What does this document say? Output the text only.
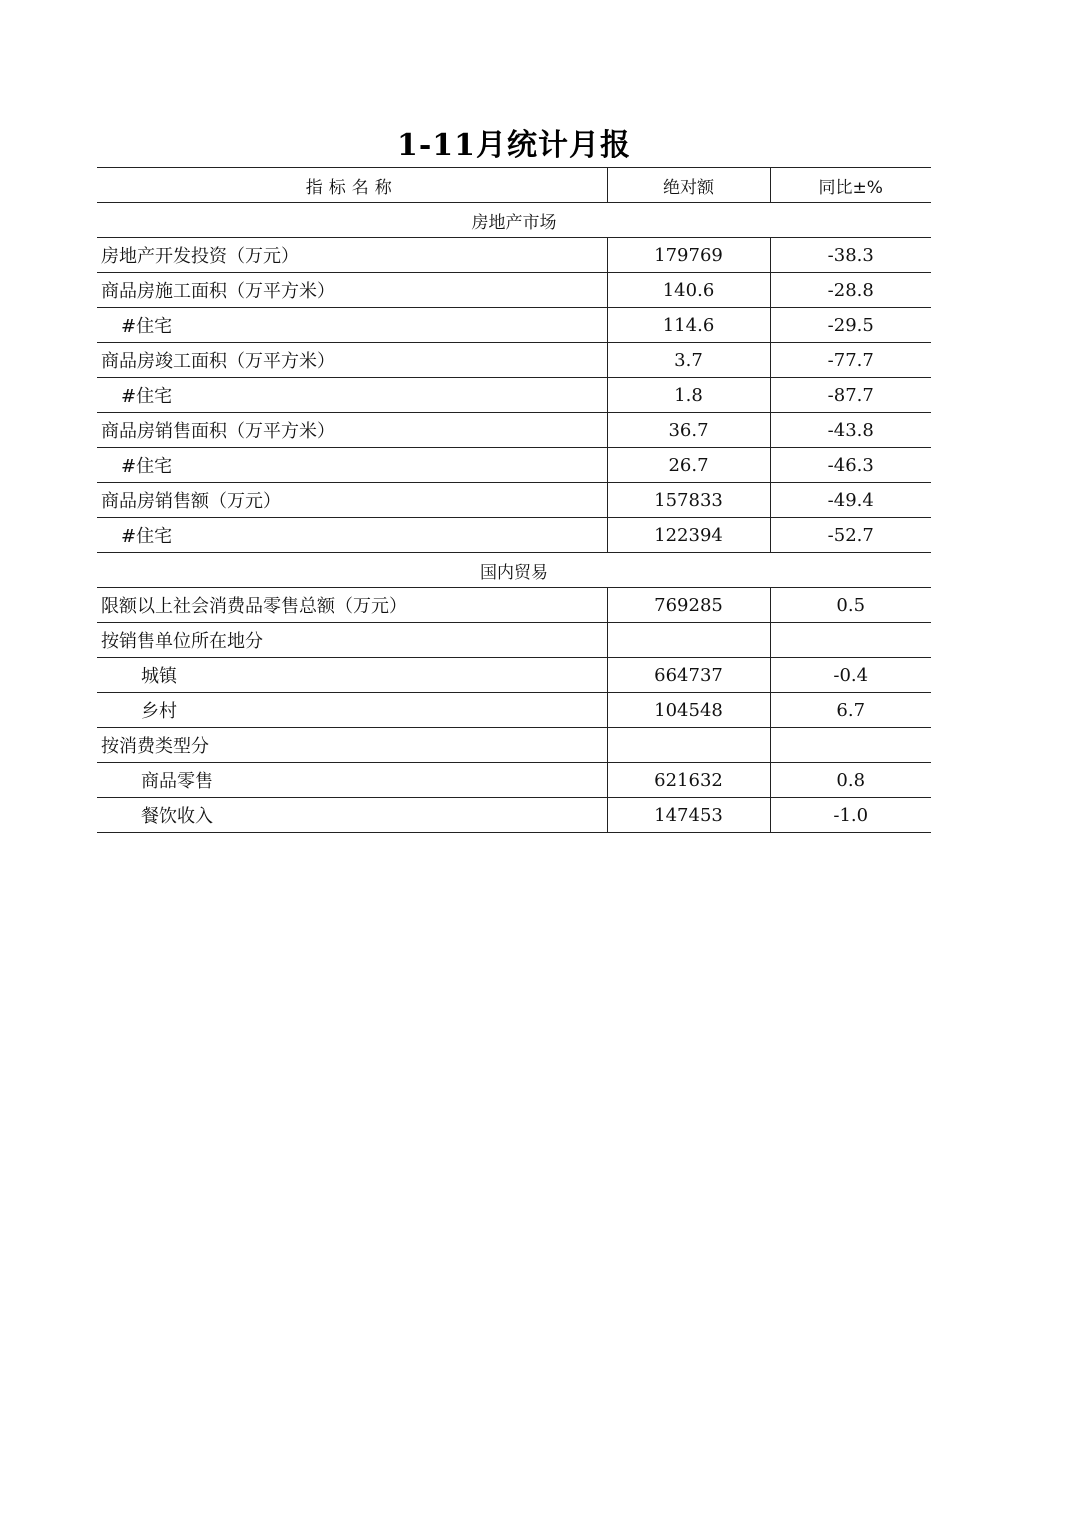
1-11月统计月报
指标名称	绝对额	同比±%
房地产市场		
房地产开发投资（万元）	179769	-38.3
商品房施工面积（万平方米）	140.6	-28.8
#住宅	114.6	-29.5
商品房竣工面积（万平方米）	3.7	-77.7
#住宅	1.8	-87.7
商品房销售面积（万平方米）	36.7	-43.8
#住宅	26.7	-46.3
商品房销售额（万元）	157833	-49.4
#住宅	122394	-52.7
国内贸易		
限额以上社会消费品零售总额（万元）	769285	0.5
按销售单位所在地分		
城镇	664737	-0.4
乡村	104548	6.7
按消费类型分		
商品零售	621632	0.8
餐饮收入	147453	-1.0
